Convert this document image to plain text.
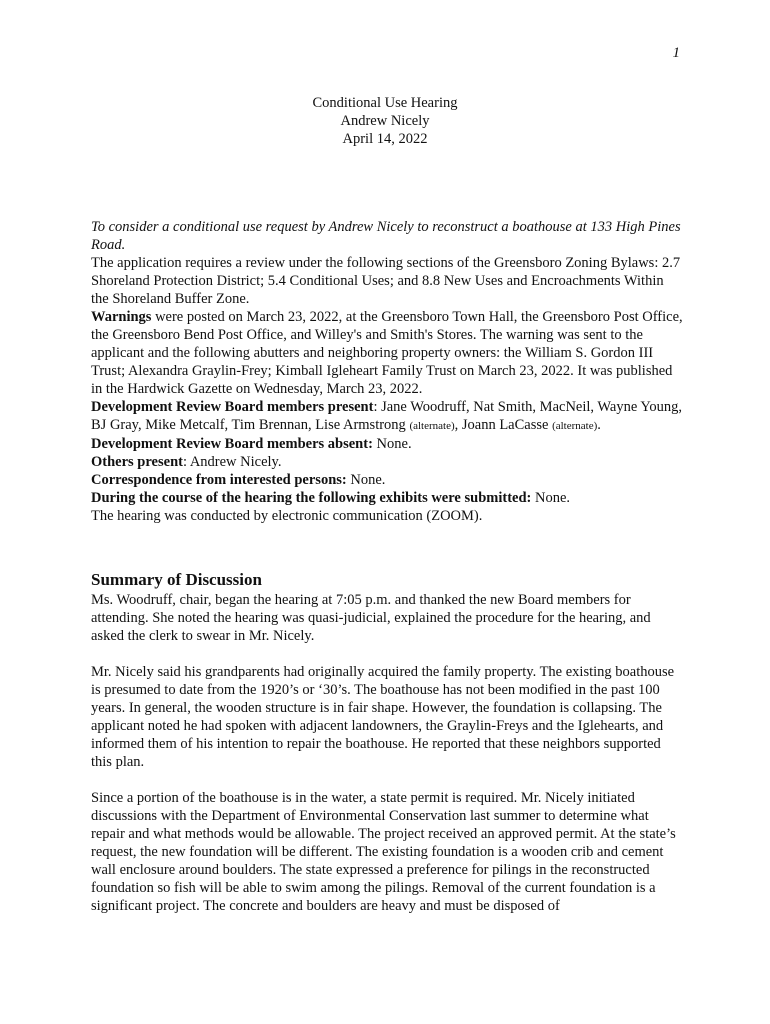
1
Conditional Use Hearing
Andrew Nicely
April 14, 2022

To consider a conditional use request by Andrew Nicely to reconstruct a boathouse at 133 High Pines Road.

The application requires a review under the following sections of the Greensboro Zoning Bylaws: 2.7 Shoreland Protection District; 5.4 Conditional Uses; and 8.8 New Uses and Encroachments Within the Shoreland Buffer Zone.

Warnings were posted on March 23, 2022, at the Greensboro Town Hall, the Greensboro Post Office, the Greensboro Bend Post Office, and Willey's and Smith's Stores. The warning was sent to the applicant and the following abutters and neighboring property owners: the William S. Gordon III Trust; Alexandra Graylin-Frey; Kimball Igleheart Family Trust on March 23, 2022. It was published in the Hardwick Gazette on Wednesday, March 23, 2022.

Development Review Board members present: Jane Woodruff, Nat Smith, MacNeil, Wayne Young, BJ Gray, Mike Metcalf, Tim Brennan, Lise Armstrong (alternate), Joann LaCasse (alternate).

Development Review Board members absent: None.

Others present: Andrew Nicely.

Correspondence from interested persons: None.

During the course of the hearing the following exhibits were submitted: None.

The hearing was conducted by electronic communication (ZOOM).

Summary of Discussion

Ms. Woodruff, chair, began the hearing at 7:05 p.m. and thanked the new Board members for attending. She noted the hearing was quasi-judicial, explained the procedure for the hearing, and asked the clerk to swear in Mr. Nicely.

Mr. Nicely said his grandparents had originally acquired the family property. The existing boathouse is presumed to date from the 1920’s or ‘30’s. The boathouse has not been modified in the past 100 years. In general, the wooden structure is in fair shape. However, the foundation is collapsing. The applicant noted he had spoken with adjacent landowners, the Graylin-Freys and the Iglehearts, and informed them of his intention to repair the boathouse. He reported that these neighbors supported this plan.

Since a portion of the boathouse is in the water, a state permit is required. Mr. Nicely initiated discussions with the Department of Environmental Conservation last summer to determine what repair and what methods would be allowable. The project received an approved permit. At the state’s request, the new foundation will be different. The existing foundation is a wooden crib and cement wall enclosure around boulders. The state expressed a preference for pilings in the reconstructed foundation so fish will be able to swim among the pilings. Removal of the current foundation is a significant project. The concrete and boulders are heavy and must be disposed of
